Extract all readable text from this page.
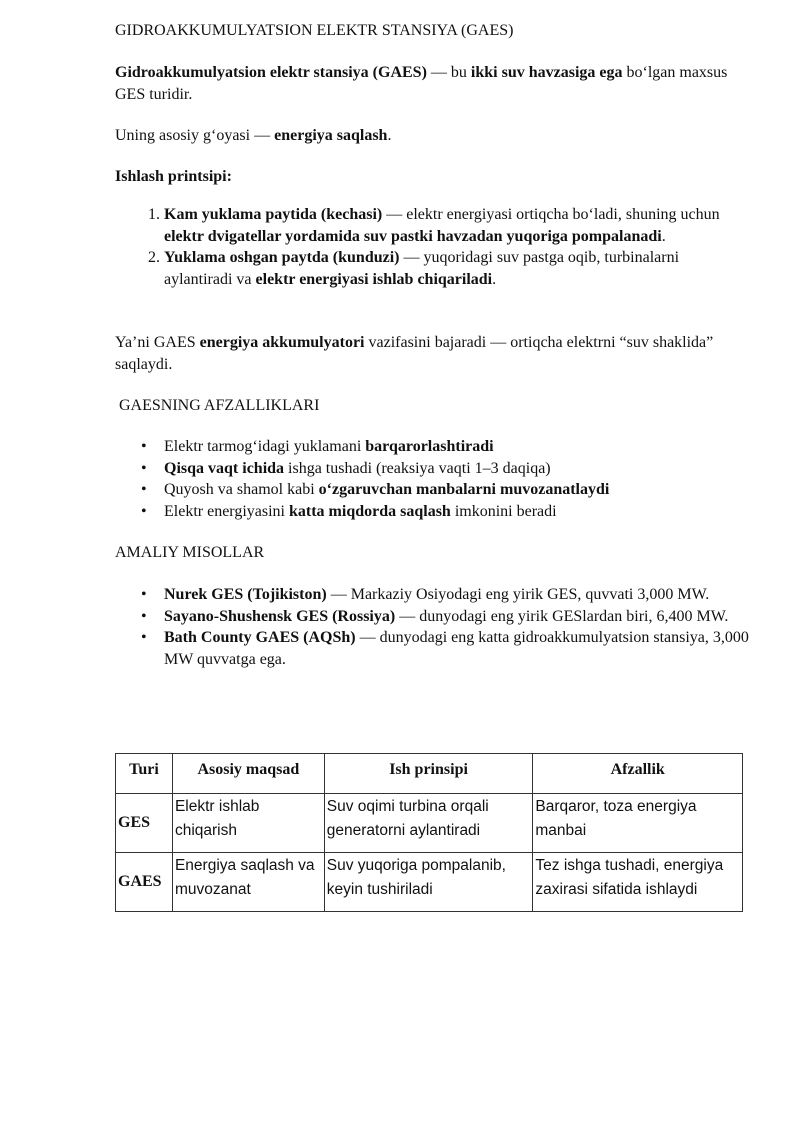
GIDROAKKUMULYATSION ELEKTR STANSIYA (GAES)

Gidroakkumulyatsion elektr stansiya (GAES) — bu ikki suv havzasiga ega bo‘lgan maxsus GES turidir.

Uning asosiy g‘oyasi — energiya saqlash.

Ishlash printsipi:

1. Kam yuklama paytida (kechasi) — elektr energiyasi ortiqcha bo‘ladi, shuning uchun elektr dvigatellar yordamida suv pastki havzadan yuqoriga pompalanadi.
2. Yuklama oshgan paytda (kunduzi) — yuqoridagi suv pastga oqib, turbinalarni aylantiradi va elektr energiyasi ishlab chiqariladi.

Ya’ni GAES energiya akkumulyatori vazifasini bajaradi — ortiqcha elektrni “suv shaklida” saqlaydi.

GAESNING AFZALLIKLARI

• Elektr tarmog‘idagi yuklamani barqarorlashtiradi
• Qisqa vaqt ichida ishga tushadi (reaksiya vaqti 1–3 daqiqa)
• Quyosh va shamol kabi o‘zgaruvchan manbalarni muvozanatlaydi
• Elektr energiyasini katta miqdorda saqlash imkonini beradi

AMALIY MISOLLAR

• Nurek GES (Tojikiston) — Markaziy Osiyodagi eng yirik GES, quvvati 3,000 MW.
• Sayano-Shushensk GES (Rossiya) — dunyodagi eng yirik GESlardan biri, 6,400 MW.
• Bath County GAES (AQSh) — dunyodagi eng katta gidroakkumulyatsion stansiya, 3,000 MW quvvatga ega.
Turi	Asosiy maqsad	Ish prinsipi	Afzallik
GES	Elektr ishlab chiqarish	Suv oqimi turbina orqali generatorni aylantiradi	Barqaror, toza energiya manbai
GAES	Energiya saqlash va muvozanat	Suv yuqoriga pompalanib, keyin tushiriladi	Tez ishga tushadi, energiya zaxirasi sifatida ishlaydi
